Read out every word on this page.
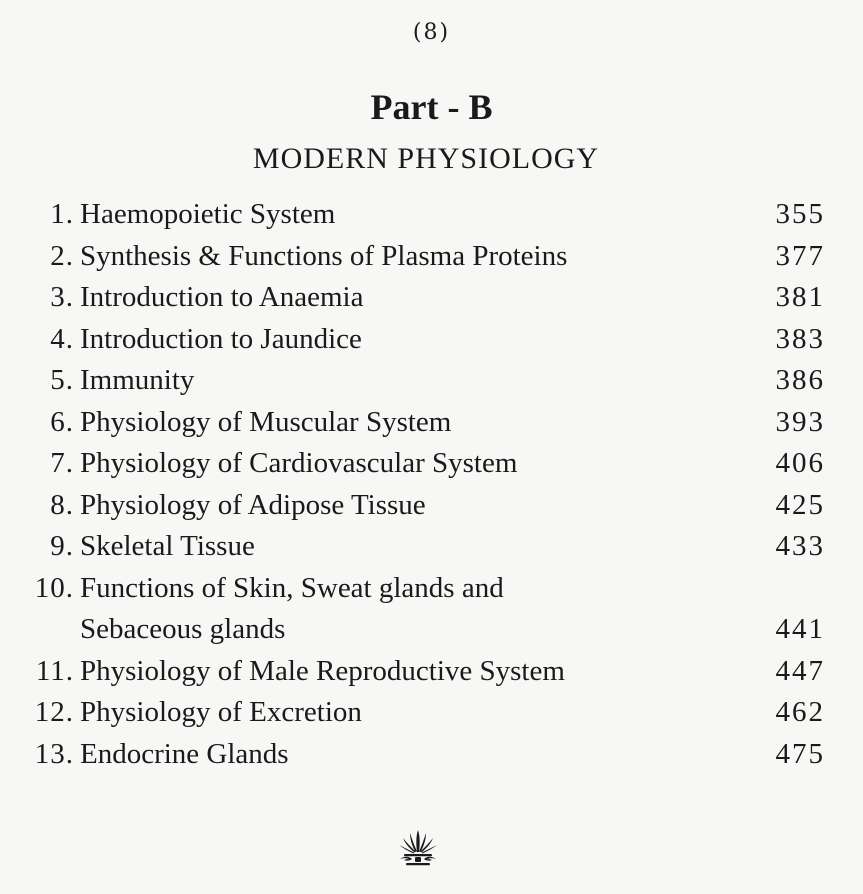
(8)
Part - B
MODERN PHYSIOLOGY
1. Haemopoietic System	355
2. Synthesis & Functions of Plasma Proteins	377
3. Introduction to Anaemia	381
4. Introduction to Jaundice	383
5. Immunity	386
6. Physiology of Muscular System	393
7. Physiology of Cardiovascular System	406
8. Physiology of Adipose Tissue	425
9. Skeletal Tissue	433
10. Functions of Skin, Sweat glands and
Sebaceous glands	441
11. Physiology of Male Reproductive System	447
12. Physiology of Excretion	462
13. Endocrine Glands	475
